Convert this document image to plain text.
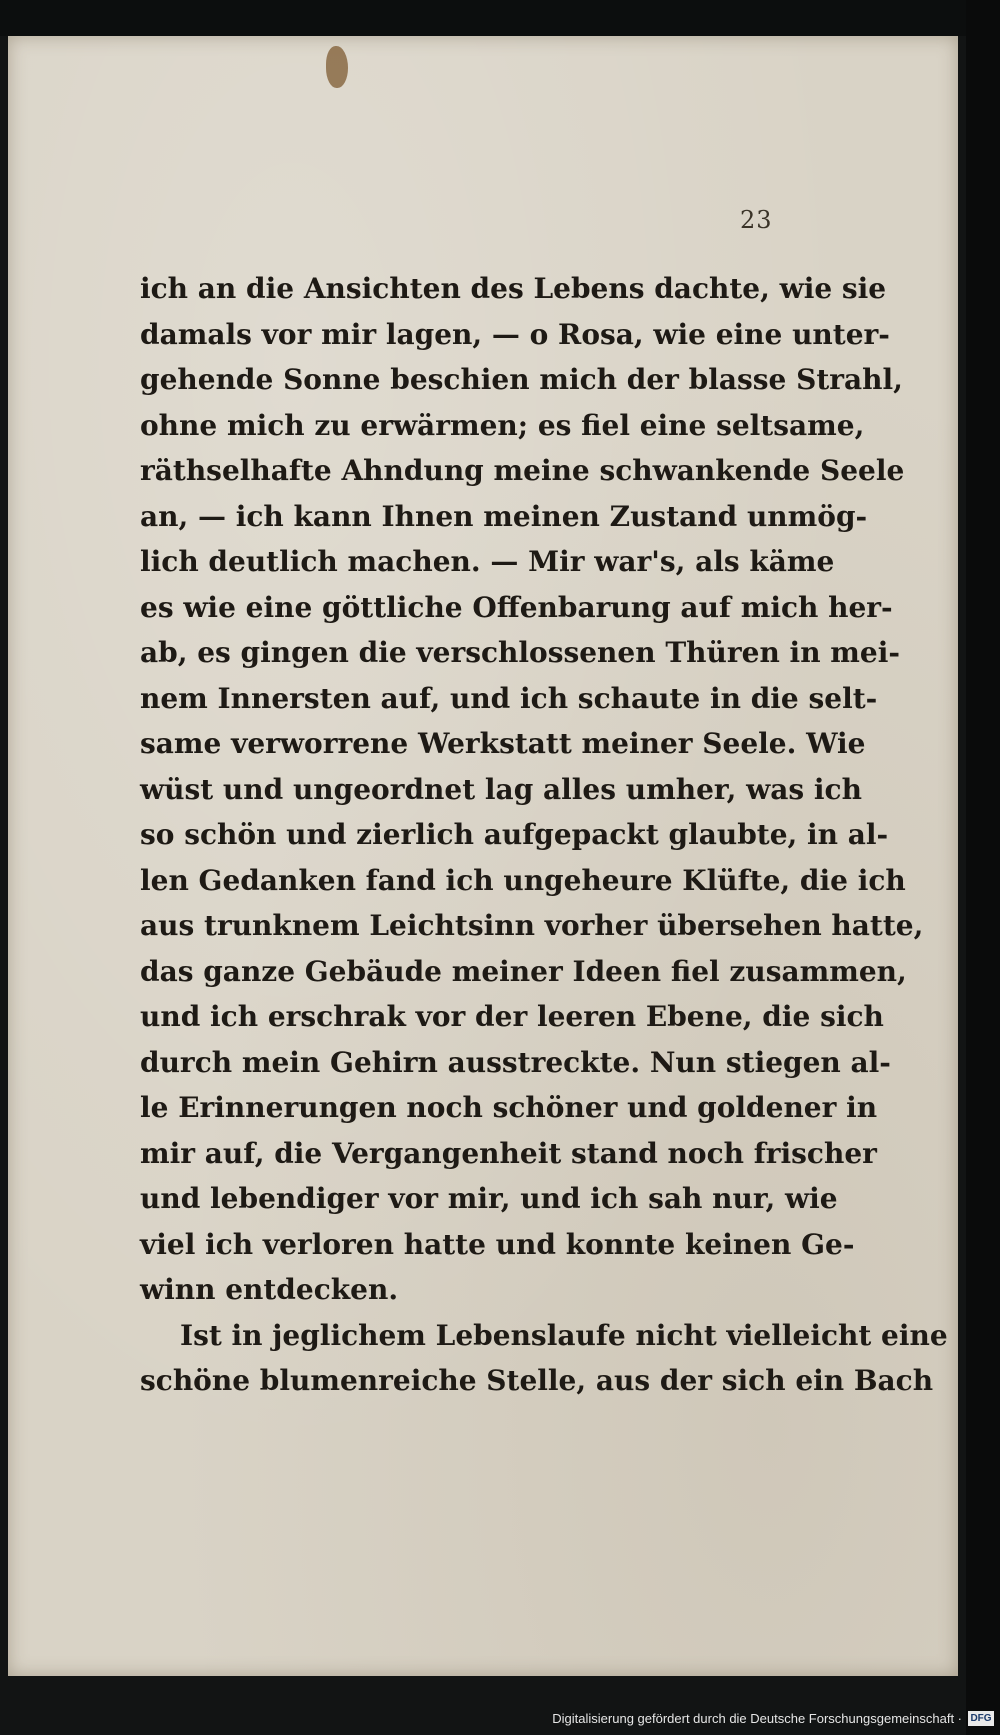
23
ich an die Ansichten des Lebens dachte, wie sie
damals vor mir lagen, — o Rosa, wie eine unter-
gehende Sonne beschien mich der blasse Strahl,
ohne mich zu erwärmen; es fiel eine seltsame,
räthselhafte Ahndung meine schwankende Seele
an, — ich kann Ihnen meinen Zustand unmög-
lich deutlich machen. — Mir war's, als käme
es wie eine göttliche Offenbarung auf mich her-
ab, es gingen die verschlossenen Thüren in mei-
nem Innersten auf, und ich schaute in die selt-
same verworrene Werkstatt meiner Seele. Wie
wüst und ungeordnet lag alles umher, was ich
so schön und zierlich aufgepackt glaubte, in al-
len Gedanken fand ich ungeheure Klüfte, die ich
aus trunknem Leichtsinn vorher übersehen hatte,
das ganze Gebäude meiner Ideen fiel zusammen,
und ich erschrak vor der leeren Ebene, die sich
durch mein Gehirn ausstreckte. Nun stiegen al-
le Erinnerungen noch schöner und goldener in
mir auf, die Vergangenheit stand noch frischer
und lebendiger vor mir, und ich sah nur, wie
viel ich verloren hatte und konnte keinen Ge-
winn entdecken.
Ist in jeglichem Lebenslaufe nicht vielleicht eine
schöne blumenreiche Stelle, aus der sich ein Bach
Digitalisierung gefördert durch die Deutsche Forschungsgemeinschaft · DFG
